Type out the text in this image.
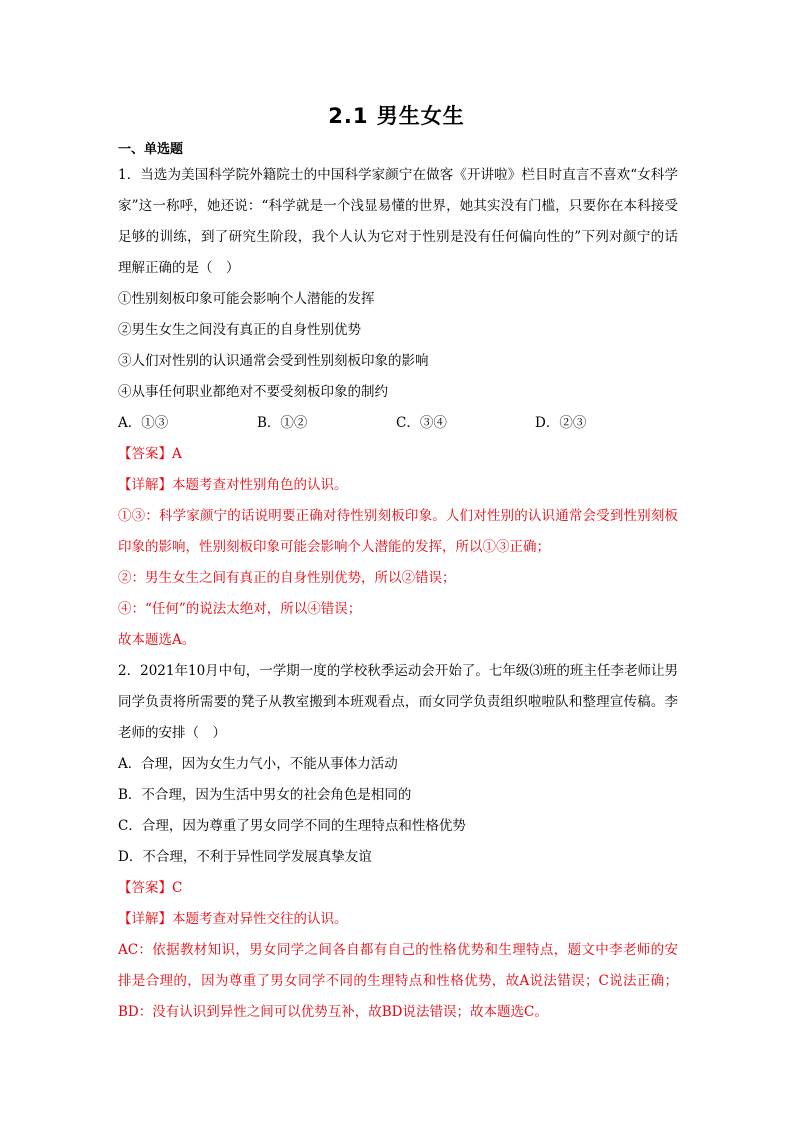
2.1 男生女生
一、单选题

1．当选为美国科学院外籍院士的中国科学家颜宁在做客《开讲啦》栏目时直言不喜欢“女科学家”这一称呼，她还说：“科学就是一个浅显易懂的世界，她其实没有门槛，只要你在本科接受足够的训练，到了研究生阶段，我个人认为它对于性别是没有任何偏向性的”下列对颜宁的话理解正确的是（　）

①性别刻板印象可能会影响个人潜能的发挥

②男生女生之间没有真正的自身性别优势

③人们对性别的认识通常会受到性别刻板印象的影响

④从事任何职业都绝对不要受刻板印象的制约

A．①③	B．①②	C．③④	D．②③

【答案】A

【详解】本题考查对性别角色的认识。

①③：科学家颜宁的话说明要正确对待性别刻板印象。人们对性别的认识通常会受到性别刻板印象的影响，性别刻板印象可能会影响个人潜能的发挥，所以①③正确；

②：男生女生之间有真正的自身性别优势，所以②错误；

④：“任何”的说法太绝对，所以④错误；

故本题选A。

2．2021年10月中旬，一学期一度的学校秋季运动会开始了。七年级⑶班的班主任李老师让男同学负责将所需要的凳子从教室搬到本班观看点，而女同学负责组织啦啦队和整理宣传稿。李老师的安排（　）

A．合理，因为女生力气小，不能从事体力活动

B．不合理，因为生活中男女的社会角色是相同的

C．合理，因为尊重了男女同学不同的生理特点和性格优势

D．不合理，不利于异性同学发展真挚友谊

【答案】C

【详解】本题考查对异性交往的认识。

AC：依据教材知识，男女同学之间各自都有自己的性格优势和生理特点，题文中李老师的安排是合理的，因为尊重了男女同学不同的生理特点和性格优势，故A说法错误；C说法正确；BD：没有认识到异性之间可以优势互补，故BD说法错误；故本题选C。
